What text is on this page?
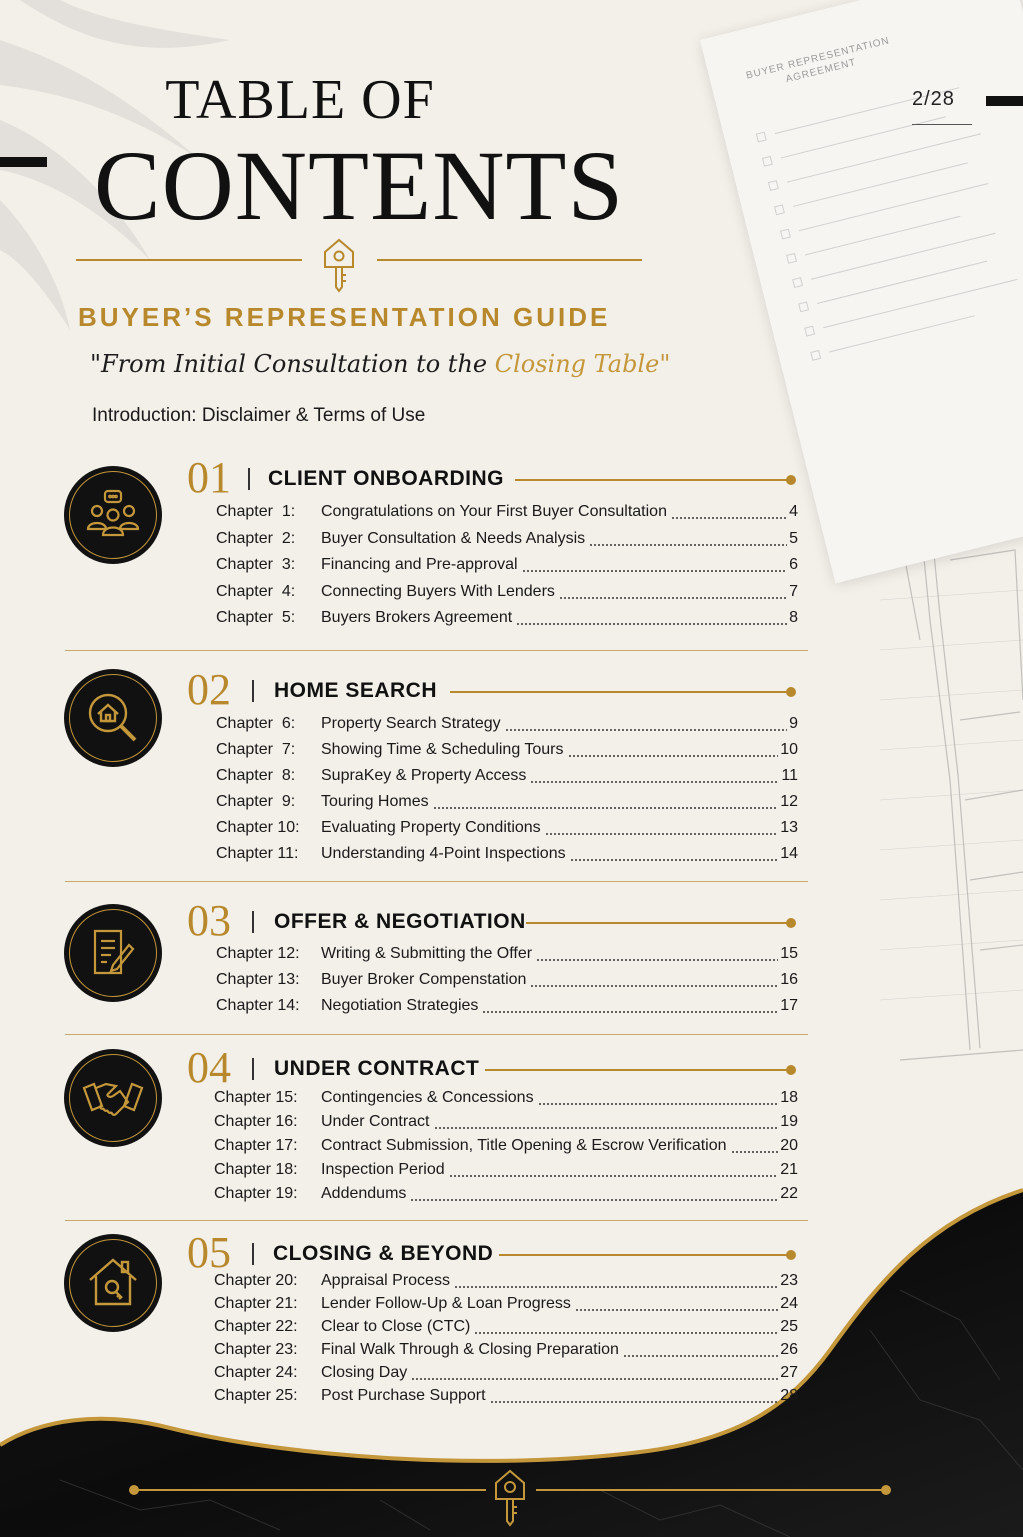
BUYER REPRESENTATION AGREEMENT
2/28
TABLE OF
CONTENTS
BUYER’S REPRESENTATION GUIDE
"From Initial Consultation to the Closing Table"
Introduction: Disclaimer & Terms of Use
01 CLIENT ONBOARDING
Chapter  1: Congratulations on Your First Buyer Consultation	4
Chapter  2: Buyer Consultation & Needs Analysis	5
Chapter  3: Financing and Pre-approval	6
Chapter  4: Connecting Buyers With Lenders	7
Chapter  5: Buyers Brokers Agreement	8
02 HOME SEARCH
Chapter  6: Property Search Strategy	9
Chapter  7: Showing Time & Scheduling Tours	10
Chapter  8: SupraKey & Property Access	11
Chapter  9: Touring Homes	12
Chapter 10: Evaluating Property Conditions	13
Chapter 11: Understanding 4-Point Inspections	14
03 OFFER & NEGOTIATION
Chapter 12: Writing & Submitting the Offer	15
Chapter 13: Buyer Broker Compenstation	16
Chapter 14: Negotiation Strategies	17
04 UNDER CONTRACT
Chapter 15: Contingencies & Concessions	18
Chapter 16: Under Contract	19
Chapter 17: Contract Submission, Title Opening & Escrow Verification	20
Chapter 18: Inspection Period	21
Chapter 19: Addendums	22
05 CLOSING & BEYOND
Chapter 20: Appraisal Process	23
Chapter 21: Lender Follow-Up & Loan Progress	24
Chapter 22: Clear to Close (CTC)	25
Chapter 23: Final Walk Through & Closing Preparation	26
Chapter 24: Closing Day	27
Chapter 25: Post Purchase Support	28
